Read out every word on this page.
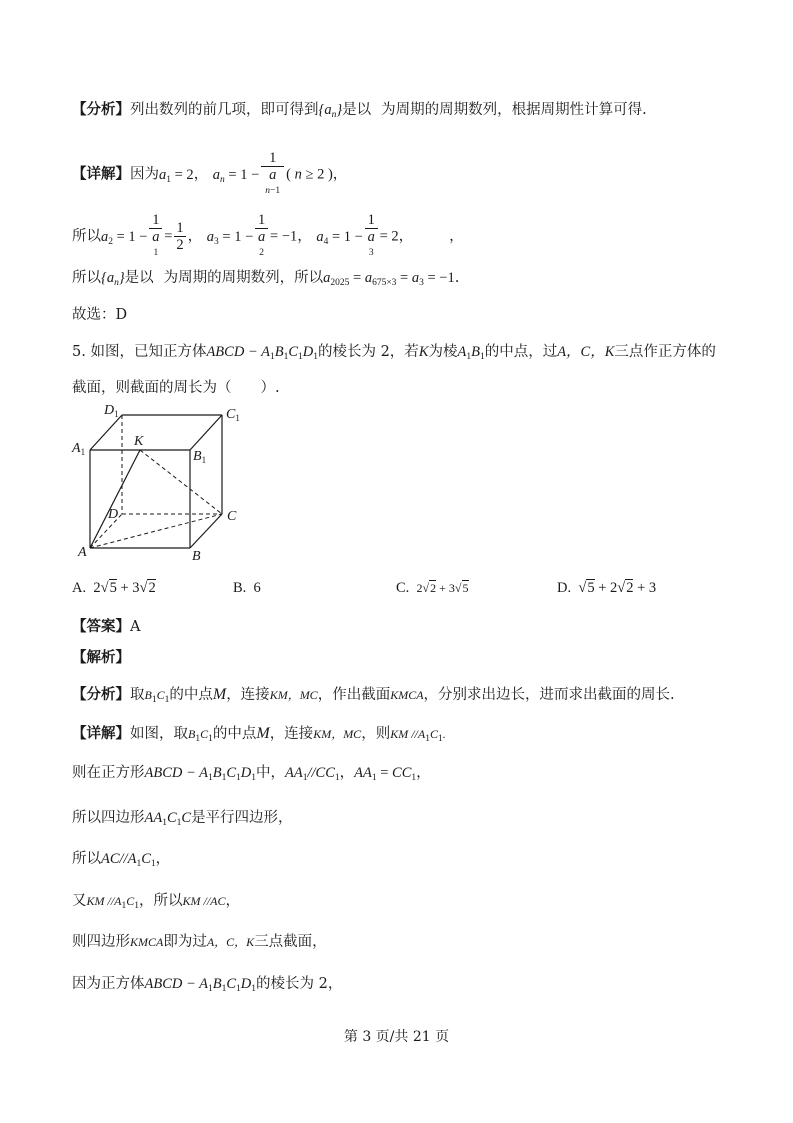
【分析】列出数列的前几项，即可得到$\{a_n\}$是以 为周期的周期数列，根据周期性计算可得.
【详解】因为$a_1 = 2$， $a_n = 1 - 1$
a
n−1 ( n ≥ 2 )，
所以$a_2 = 1 - 1$
a
$1 = \frac{1}{2}$ ， $a_3 = 1 - 1$
a
2 = −1， $a_4 = 1 - 1$
a
3 = 2， ，
所以$\{a_n\}$是以 为周期的周期数列，所以$a_{2025} = a_{675\times 3} = a_3 = -1$.
故选：D
5. 如图，已知正方体ABCD − $A_1B_1C_1D_1$的棱长为 2，若K为棱$A_1B_1$的中点，过A，C，K三点作正方体的
截面，则截面的周长为（　　）.
$D_1$	$C_1$
$A_1$	$B_1$
K
D	C
A	B
A.  2√5 + 3√2	B. 6	C. 2√2 + 3√5	D.  √5 + 2√2 + 3
【答案】A
【解析】
【分析】取$B_1C_1$的中点M，连接KM，MC，作出截面KMCA，分别求出边长，进而求出截面的周长.
【详解】如图，取$B_1C_1$的中点M，连接KM，MC，则KM $//A_1C_1$.
则在正方形ABCD − $A_1B_1C_1D_1$中，$AA_1//CC_1$，$AA_1 = CC_1$，
所以四边形$AA_1C_1C$是平行四边形，
所以$AC//A_1C_1$，
又KM $//A_1C_1$，所以KM //AC，
则四边形KMCA即为过A，C，K三点截面，
因为正方体ABCD − $A_1B_1C_1D_1$的棱长为 2，
第 3 页/共 21 页
